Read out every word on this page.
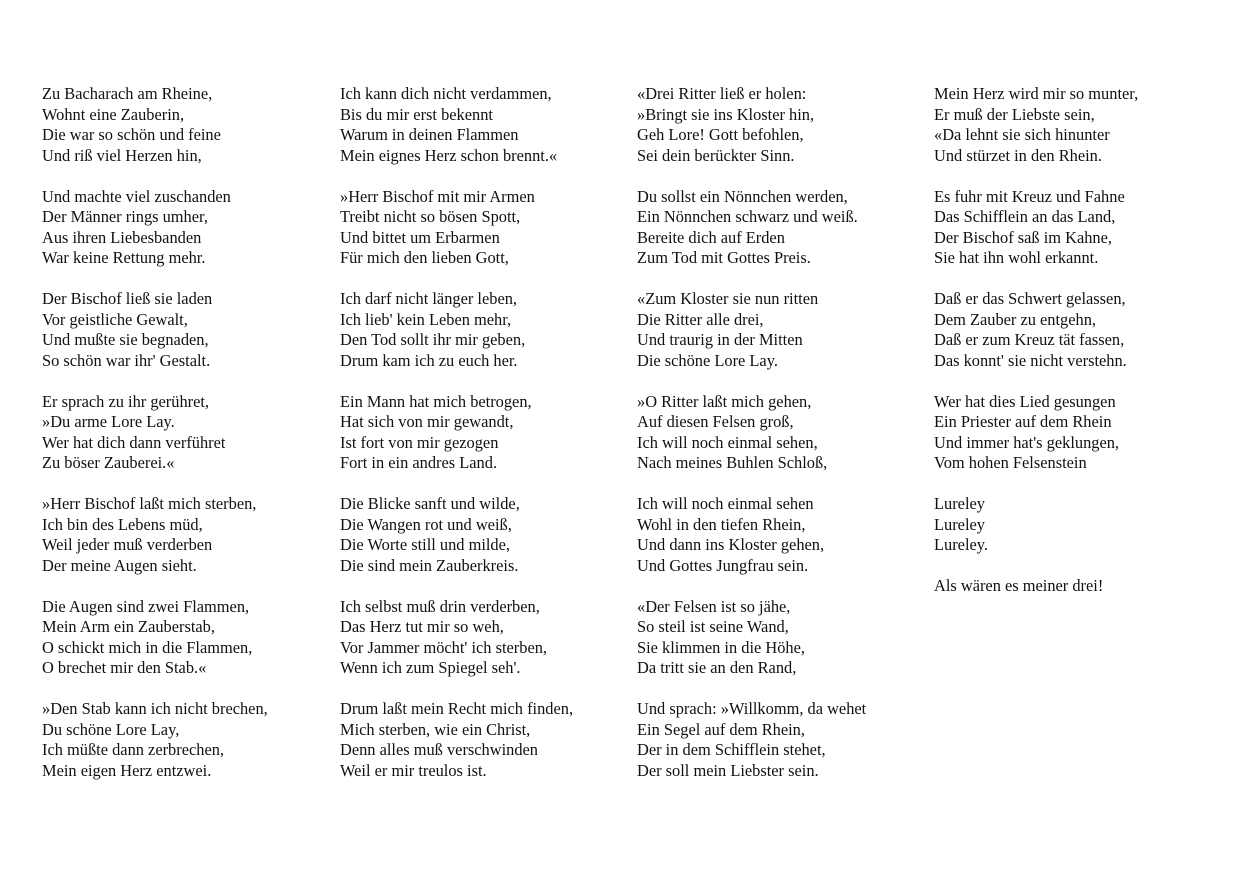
Zu Bacharach am Rheine,
Wohnt eine Zauberin,
Die war so schön und feine
Und riß viel Herzen hin,
Und machte viel zuschanden
Der Männer rings umher,
Aus ihren Liebesbanden
War keine Rettung mehr.
Der Bischof ließ sie laden
Vor geistliche Gewalt,
Und mußte sie begnaden,
So schön war ihr' Gestalt.
Er sprach zu ihr gerühret,
»Du arme Lore Lay.
Wer hat dich dann verführet
Zu böser Zauberei.«
»Herr Bischof laßt mich sterben,
Ich bin des Lebens müd,
Weil jeder muß verderben
Der meine Augen sieht.
Die Augen sind zwei Flammen,
Mein Arm ein Zauberstab,
O schickt mich in die Flammen,
O brechet mir den Stab.«
»Den Stab kann ich nicht brechen,
Du schöne Lore Lay,
Ich müßte dann zerbrechen,
Mein eigen Herz entzwei.
Ich kann dich nicht verdammen,
Bis du mir erst bekennt
Warum in deinen Flammen
Mein eignes Herz schon brennt.«
»Herr Bischof mit mir Armen
Treibt nicht so bösen Spott,
Und bittet um Erbarmen
Für mich den lieben Gott,
Ich darf nicht länger leben,
Ich lieb' kein Leben mehr,
Den Tod sollt ihr mir geben,
Drum kam ich zu euch her.
Ein Mann hat mich betrogen,
Hat sich von mir gewandt,
Ist fort von mir gezogen
Fort in ein andres Land.
Die Blicke sanft und wilde,
Die Wangen rot und weiß,
Die Worte still und milde,
Die sind mein Zauberkreis.
Ich selbst muß drin verderben,
Das Herz tut mir so weh,
Vor Jammer möcht' ich sterben,
Wenn ich zum Spiegel seh'.
Drum laßt mein Recht mich finden,
Mich sterben, wie ein Christ,
Denn alles muß verschwinden
Weil er mir treulos ist.
«Drei Ritter ließ er holen:
»Bringt sie ins Kloster hin,
Geh Lore! Gott befohlen,
Sei dein berückter Sinn.
Du sollst ein Nönnchen werden,
Ein Nönnchen schwarz und weiß.
Bereite dich auf Erden
Zum Tod mit Gottes Preis.
«Zum Kloster sie nun ritten
Die Ritter alle drei,
Und traurig in der Mitten
Die schöne Lore Lay.
»O Ritter laßt mich gehen,
Auf diesen Felsen groß,
Ich will noch einmal sehen,
Nach meines Buhlen Schloß,
Ich will noch einmal sehen
Wohl in den tiefen Rhein,
Und dann ins Kloster gehen,
Und Gottes Jungfrau sein.
«Der Felsen ist so jähe,
So steil ist seine Wand,
Sie klimmen in die Höhe,
Da tritt sie an den Rand,
Und sprach: »Willkomm, da wehet
Ein Segel auf dem Rhein,
Der in dem Schifflein stehet,
Der soll mein Liebster sein.
Mein Herz wird mir so munter,
Er muß der Liebste sein,
«Da lehnt sie sich hinunter
Und stürzet in den Rhein.
Es fuhr mit Kreuz und Fahne
Das Schifflein an das Land,
Der Bischof saß im Kahne,
Sie hat ihn wohl erkannt.
Daß er das Schwert gelassen,
Dem Zauber zu entgehn,
Daß er zum Kreuz tät fassen,
Das konnt' sie nicht verstehn.
Wer hat dies Lied gesungen
Ein Priester auf dem Rhein
Und immer hat's geklungen,
Vom hohen Felsenstein
Lureley
Lureley
Lureley.
Als wären es meiner drei!
